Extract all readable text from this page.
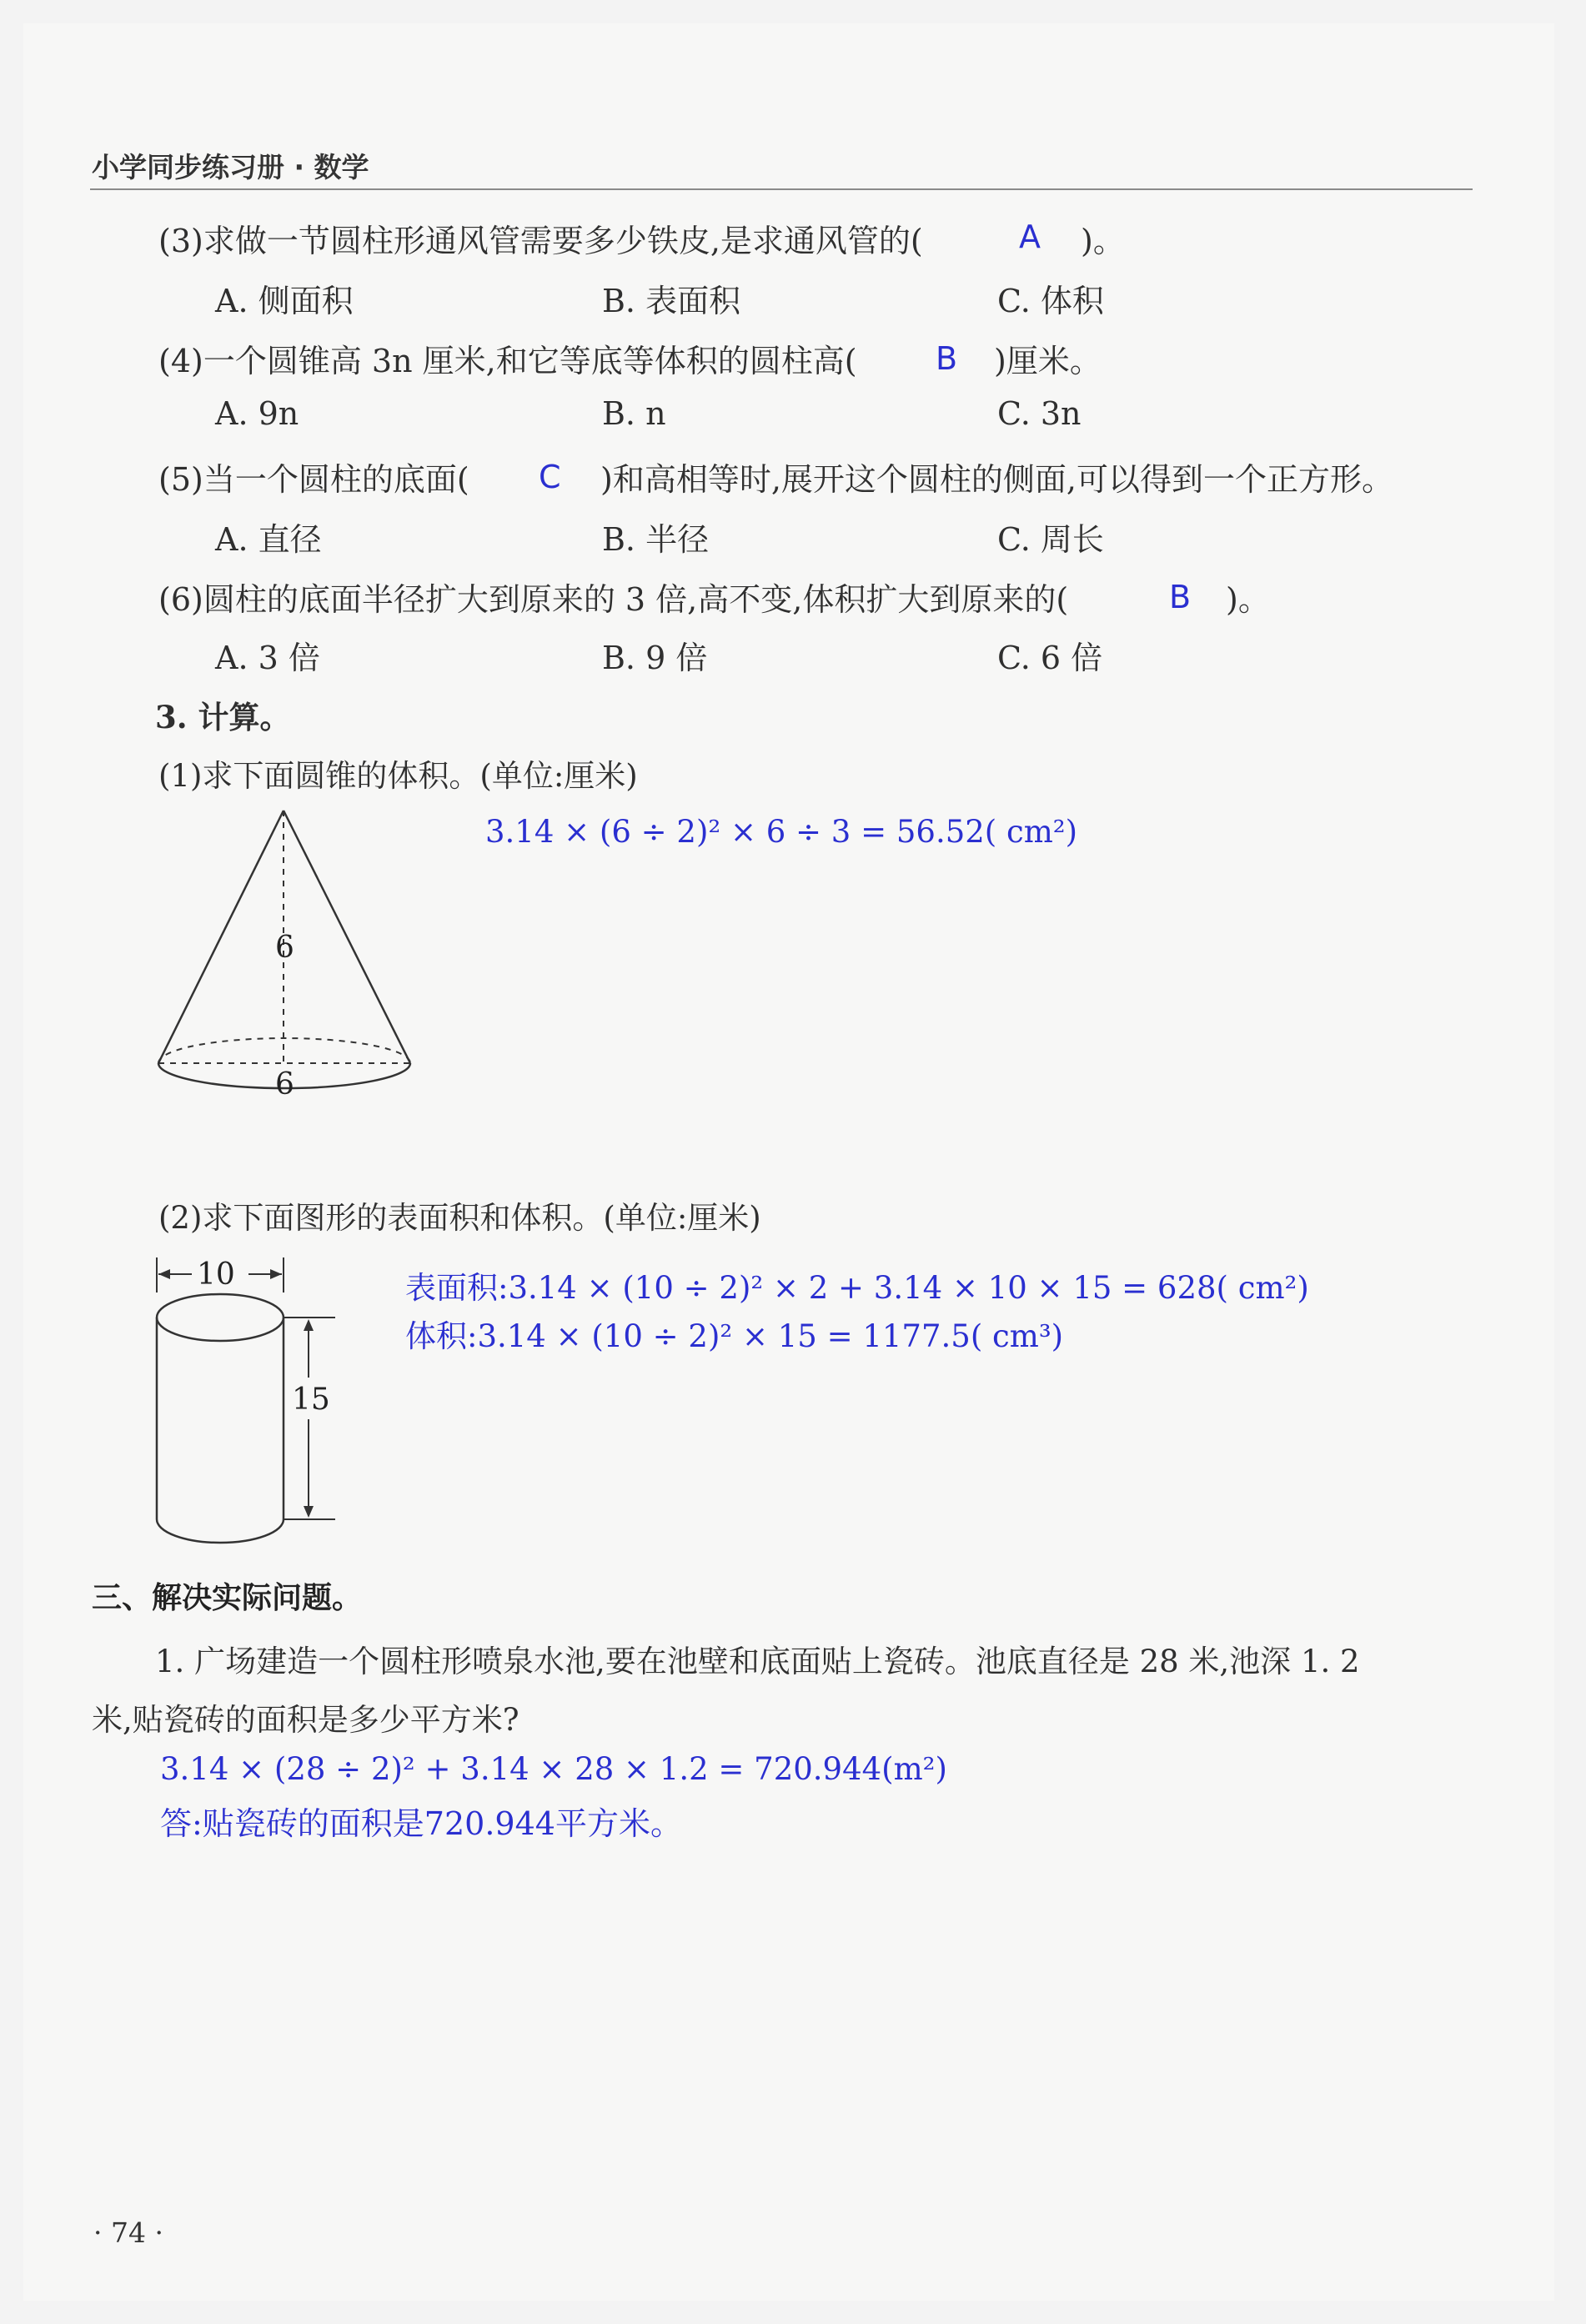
小学同步练习册 · 数学
(3)求做一节圆柱形通风管需要多少铁皮,是求通风管的(	A )。
A. 侧面积	B. 表面积	C. 体积
(4)一个圆锥高 3n 厘米,和它等底等体积的圆柱高( B )厘米。
A. 9n	B. n	C. 3n
(5)当一个圆柱的底面( C )和高相等时,展开这个圆柱的侧面,可以得到一个正方形。
A. 直径	B. 半径	C. 周长
(6)圆柱的底面半径扩大到原来的 3 倍,高不变,体积扩大到原来的(	B )。
A. 3 倍	B. 9 倍	C. 6 倍
3. 计算。
(1)求下面圆锥的体积。(单位:厘米)
3.14 × (6 ÷ 2)² × 6 ÷ 3 = 56.52( cm²)
6
6
(2)求下面图形的表面积和体积。(单位:厘米)
表面积:3.14 × (10 ÷ 2)² × 2 + 3.14 × 10 × 15 = 628( cm²)
体积:3.14 × (10 ÷ 2)² × 15 = 1177.5( cm³)
10
15
三、解决实际问题。
1. 广场建造一个圆柱形喷泉水池,要在池壁和底面贴上瓷砖。池底直径是 28 米,池深 1. 2
米,贴瓷砖的面积是多少平方米?
3.14 × (28 ÷ 2)² + 3.14 × 28 × 1.2 = 720.944(m²)
答:贴瓷砖的面积是720.944平方米。
· 74 ·
